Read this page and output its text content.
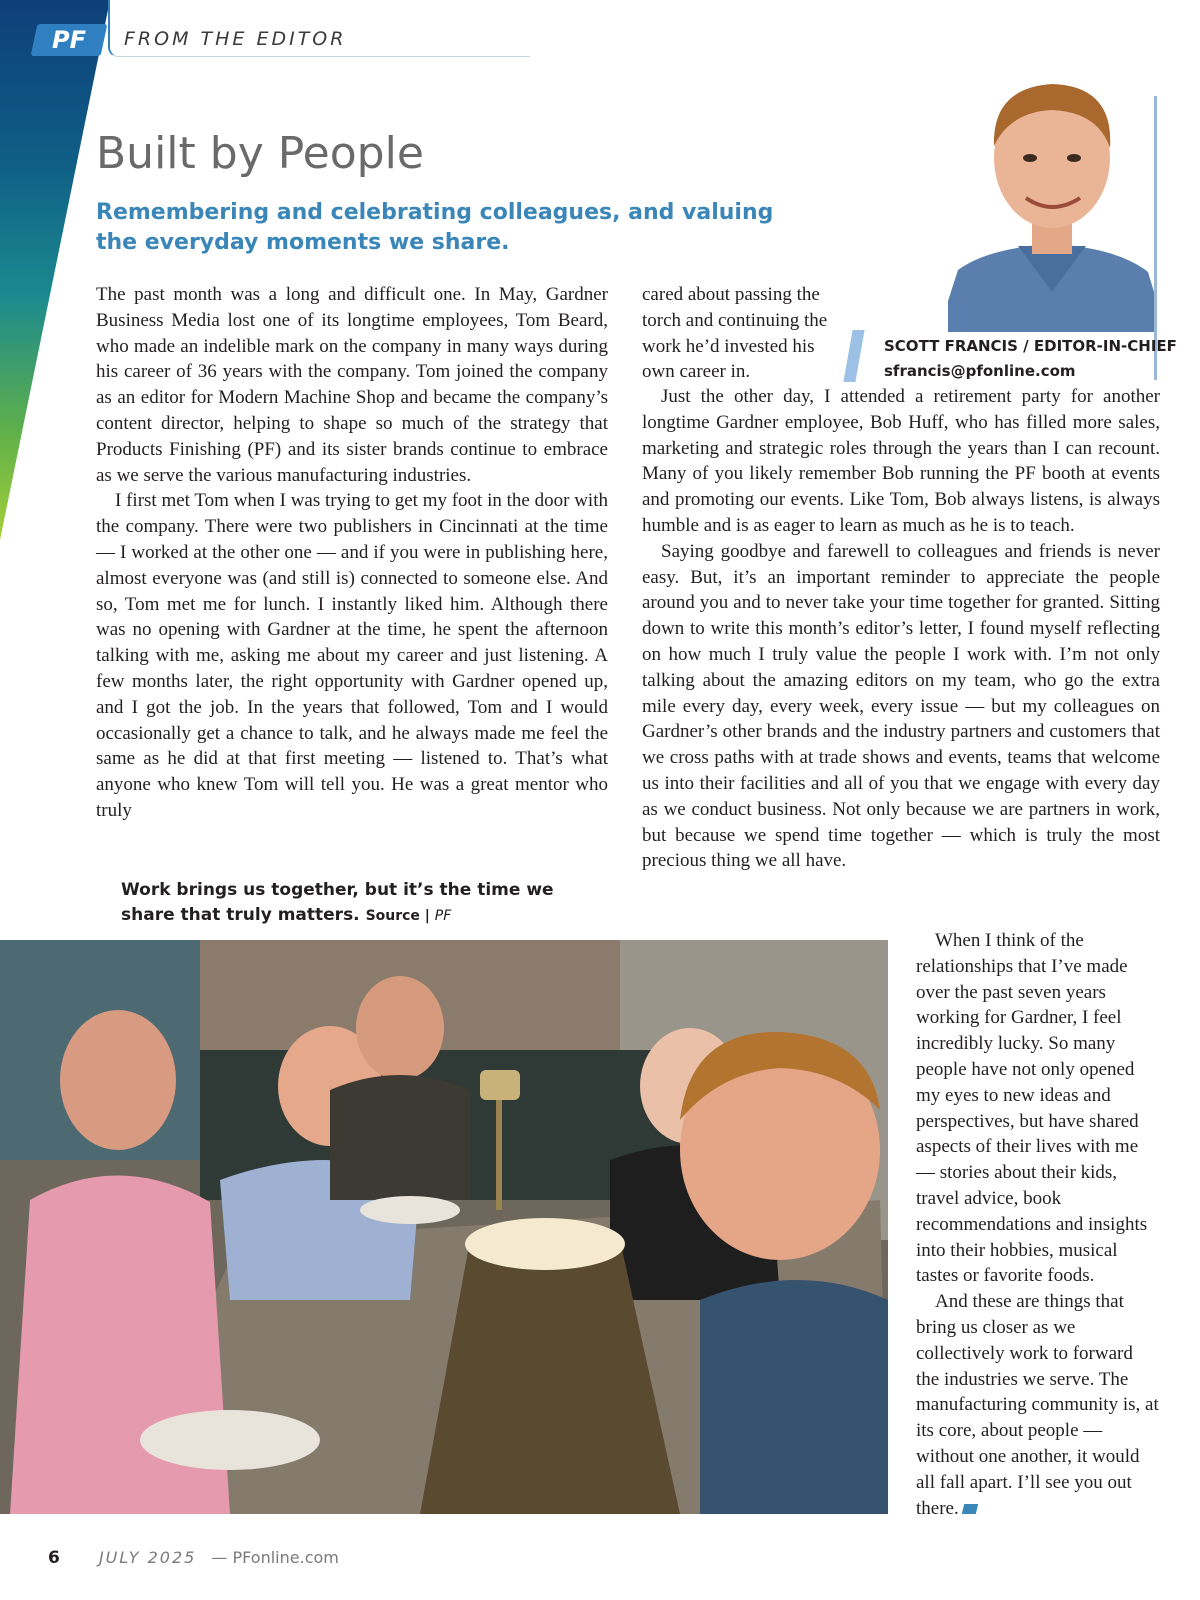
PF	FROM THE EDITOR
Built by People

Remembering and celebrating colleagues, and valuing the everyday moments we share.

SCOTT FRANCIS / EDITOR-IN-CHIEF
sfrancis@pfonline.com

The past month was a long and difficult one. In May, Gardner Business Media lost one of its longtime employees, Tom Beard, who made an indelible mark on the company in many ways during his career of 36 years with the company. Tom joined the company as an editor for Modern Machine Shop and became the company’s content director, helping to shape so much of the strategy that Products Finishing (PF) and its sister brands continue to embrace as we serve the various manufacturing industries.

I first met Tom when I was trying to get my foot in the door with the company. There were two publishers in Cincinnati at the time — I worked at the other one — and if you were in publishing here, almost everyone was (and still is) connected to someone else. And so, Tom met me for lunch. I instantly liked him. Although there was no opening with Gardner at the time, he spent the afternoon talking with me, asking me about my career and just listening. A few months later, the right opportunity with Gardner opened up, and I got the job. In the years that followed, Tom and I would occasionally get a chance to talk, and he always made me feel the same as he did at that first meeting — listened to. That’s what anyone who knew Tom will tell you. He was a great mentor who truly

cared about passing the torch and continuing the work he’d invested his own career in.

Just the other day, I attended a retirement party for another longtime Gardner employee, Bob Huff, who has filled more sales, marketing and strategic roles through the years than I can recount. Many of you likely remember Bob running the PF booth at events and promoting our events. Like Tom, Bob always listens, is always humble and is as eager to learn as much as he is to teach.

Saying goodbye and farewell to colleagues and friends is never easy. But, it’s an important reminder to appreciate the people around you and to never take your time together for granted. Sitting down to write this month’s editor’s letter, I found myself reflecting on how much I truly value the people I work with. I’m not only talking about the amazing editors on my team, who go the extra mile every day, every week, every issue — but my colleagues on Gardner’s other brands and the industry partners and customers that we cross paths with at trade shows and events, teams that welcome us into their facilities and all of you that we engage with every day as we conduct business. Not only because we are partners in work, but because we spend time together — which is truly the most precious thing we all have.

Work brings us together, but it’s the time we share that truly matters. Source | PF

When I think of the relationships that I’ve made over the past seven years working for Gardner, I feel incredibly lucky. So many people have not only opened my eyes to new ideas and perspectives, but have shared aspects of their lives with me — stories about their kids, travel advice, book recommendations and insights into their hobbies, musical tastes or favorite foods.

And these are things that bring us closer as we collectively work to forward the industries we serve. The manufacturing community is, at its core, about people — without one another, it would all fall apart. I’ll see you out there.

6 JULY 2025 — PFonline.com
